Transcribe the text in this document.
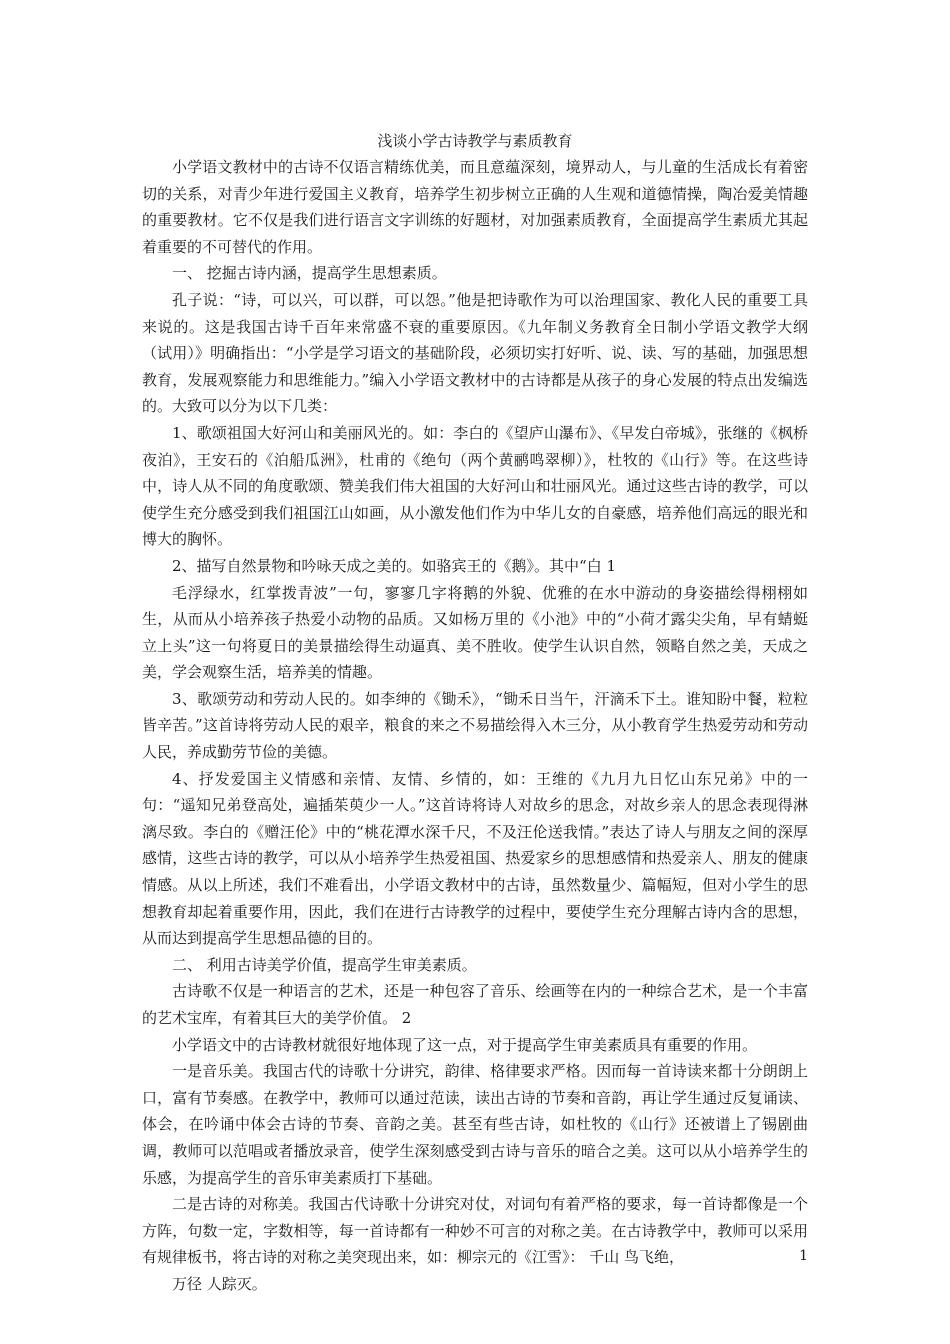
浅谈小学古诗教学与素质教育

小学语文教材中的古诗不仅语言精练优美，而且意蕴深刻，境界动人，与儿童的生活成长有着密切的关系，对青少年进行爱国主义教育，培养学生初步树立正确的人生观和道德情操，陶冶爱美情趣的重要教材。它不仅是我们进行语言文字训练的好题材，对加强素质教育，全面提高学生素质尤其起着重要的不可替代的作用。

一、 挖掘古诗内涵，提高学生思想素质。

孔子说：“诗，可以兴，可以群，可以怨。”他是把诗歌作为可以治理国家、教化人民的重要工具来说的。这是我国古诗千百年来常盛不衰的重要原因。《九年制义务教育全日制小学语文教学大纲（试用）》明确指出：“小学是学习语文的基础阶段，必须切实打好听、说、读、写的基础，加强思想教育，发展观察能力和思维能力。”编入小学语文教材中的古诗都是从孩子的身心发展的特点出发编选的。大致可以分为以下几类：

1、歌颂祖国大好河山和美丽风光的。如：李白的《望庐山瀑布》、《早发白帝城》，张继的《枫桥夜泊》，王安石的《泊船瓜洲》，杜甫的《绝句（两个黄鹂鸣翠柳）》，杜牧的《山行》等。在这些诗中，诗人从不同的角度歌颂、赞美我们伟大祖国的大好河山和壮丽风光。通过这些古诗的教学，可以使学生充分感受到我们祖国江山如画，从小激发他们作为中华儿女的自豪感，培养他们高远的眼光和博大的胸怀。

2、描写自然景物和吟咏天成之美的。如骆宾王的《鹅》。其中“白 1

毛浮绿水，红掌拨青波”一句，寥寥几字将鹅的外貌、优雅的在水中游动的身姿描绘得栩栩如生，从而从小培养孩子热爱小动物的品质。又如杨万里的《小池》中的“小荷才露尖尖角，早有蜻蜓立上头”这一句将夏日的美景描绘得生动逼真、美不胜收。使学生认识自然，领略自然之美，天成之美，学会观察生活，培养美的情趣。

3、歌颂劳动和劳动人民的。如李绅的《锄禾》，“锄禾日当午，汗滴禾下土。谁知盼中餐，粒粒皆辛苦。”这首诗将劳动人民的艰辛，粮食的来之不易描绘得入木三分，从小教育学生热爱劳动和劳动人民，养成勤劳节俭的美德。

4、抒发爱国主义情感和亲情、友情、乡情的，如：王维的《九月九日忆山东兄弟》中的一句：“遥知兄弟登高处，遍插茱萸少一人。”这首诗将诗人对故乡的思念，对故乡亲人的思念表现得淋漓尽致。李白的《赠汪伦》中的“桃花潭水深千尺，不及汪伦送我情。”表达了诗人与朋友之间的深厚感情，这些古诗的教学，可以从小培养学生热爱祖国、热爱家乡的思想感情和热爱亲人、朋友的健康情感。从以上所述，我们不难看出，小学语文教材中的古诗，虽然数量少、篇幅短，但对小学生的思想教育却起着重要作用，因此，我们在进行古诗教学的过程中，要使学生充分理解古诗内含的思想，从而达到提高学生思想品德的目的。

二、 利用古诗美学价值，提高学生审美素质。

古诗歌不仅是一种语言的艺术，还是一种包容了音乐、绘画等在内的一种综合艺术，是一个丰富的艺术宝库，有着其巨大的美学价值。 2

小学语文中的古诗教材就很好地体现了这一点，对于提高学生审美素质具有重要的作用。

一是音乐美。我国古代的诗歌十分讲究，韵律、格律要求严格。因而每一首诗读来都十分朗朗上口，富有节奏感。在教学中，教师可以通过范读，读出古诗的节奏和音韵，再让学生通过反复诵读、体会，在吟诵中体会古诗的节奏、音韵之美。甚至有些古诗，如杜牧的《山行》还被谱上了锡剧曲调，教师可以范唱或者播放录音，使学生深刻感受到古诗与音乐的暗合之美。这可以从小培养学生的乐感，为提高学生的音乐审美素质打下基础。

二是古诗的对称美。我国古代诗歌十分讲究对仗，对词句有着严格的要求，每一首诗都像是一个方阵，句数一定，字数相等，每一首诗都有一种妙不可言的对称之美。在古诗教学中，教师可以采用有规律板书，将古诗的对称之美突现出来，如：柳宗元的《江雪》： 千山 鸟飞绝，

万径 人踪灭。

1
